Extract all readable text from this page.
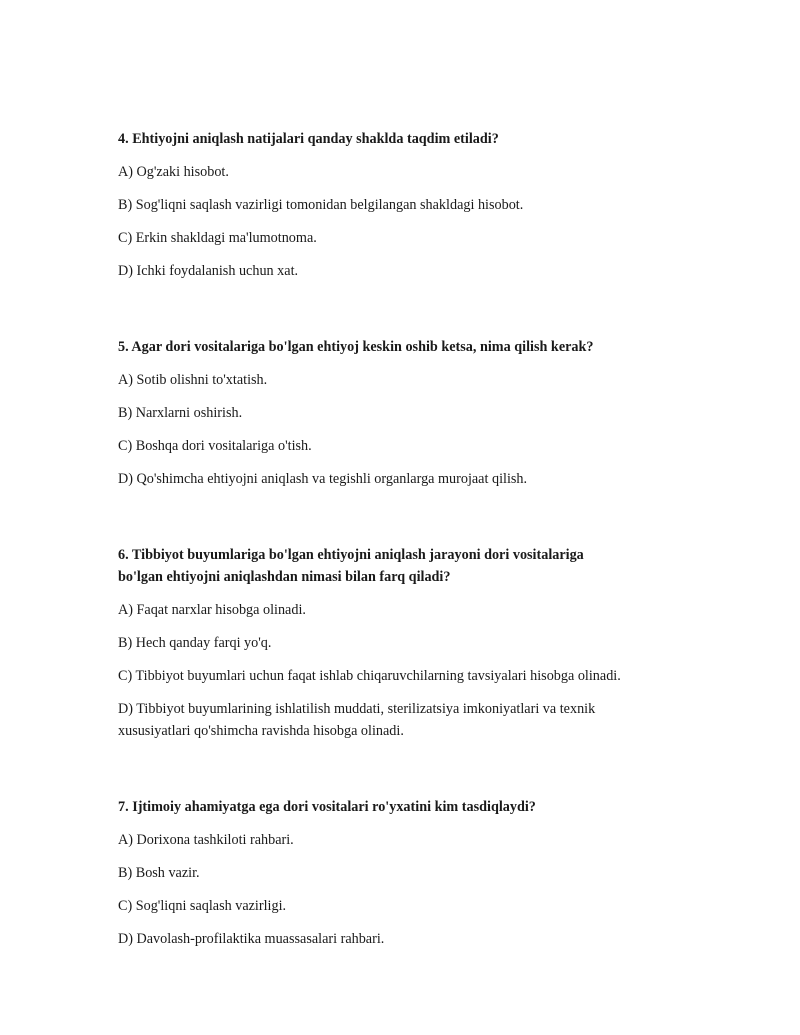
4. Ehtiyojni aniqlash natijalari qanday shaklda taqdim etiladi?

A) Og'zaki hisobot.

B) Sog'liqni saqlash vazirligi tomonidan belgilangan shakldagi hisobot.

C) Erkin shakldagi ma'lumotnoma.

D) Ichki foydalanish uchun xat.

5. Agar dori vositalariga bo'lgan ehtiyoj keskin oshib ketsa, nima qilish kerak?

A) Sotib olishni to'xtatish.

B) Narxlarni oshirish.

C) Boshqa dori vositalariga o'tish.

D) Qo'shimcha ehtiyojni aniqlash va tegishli organlarga murojaat qilish.

6. Tibbiyot buyumlariga bo'lgan ehtiyojni aniqlash jarayoni dori vositalariga
bo'lgan ehtiyojni aniqlashdan nimasi bilan farq qiladi?

A) Faqat narxlar hisobga olinadi.

B) Hech qanday farqi yo'q.

C) Tibbiyot buyumlari uchun faqat ishlab chiqaruvchilarning tavsiyalari hisobga olinadi.

D) Tibbiyot buyumlarining ishlatilish muddati, sterilizatsiya imkoniyatlari va texnik
xususiyatlari qo'shimcha ravishda hisobga olinadi.

7. Ijtimoiy ahamiyatga ega dori vositalari ro'yxatini kim tasdiqlaydi?

A) Dorixona tashkiloti rahbari.

B) Bosh vazir.

C) Sog'liqni saqlash vazirligi.

D) Davolash-profilaktika muassasalari rahbari.
